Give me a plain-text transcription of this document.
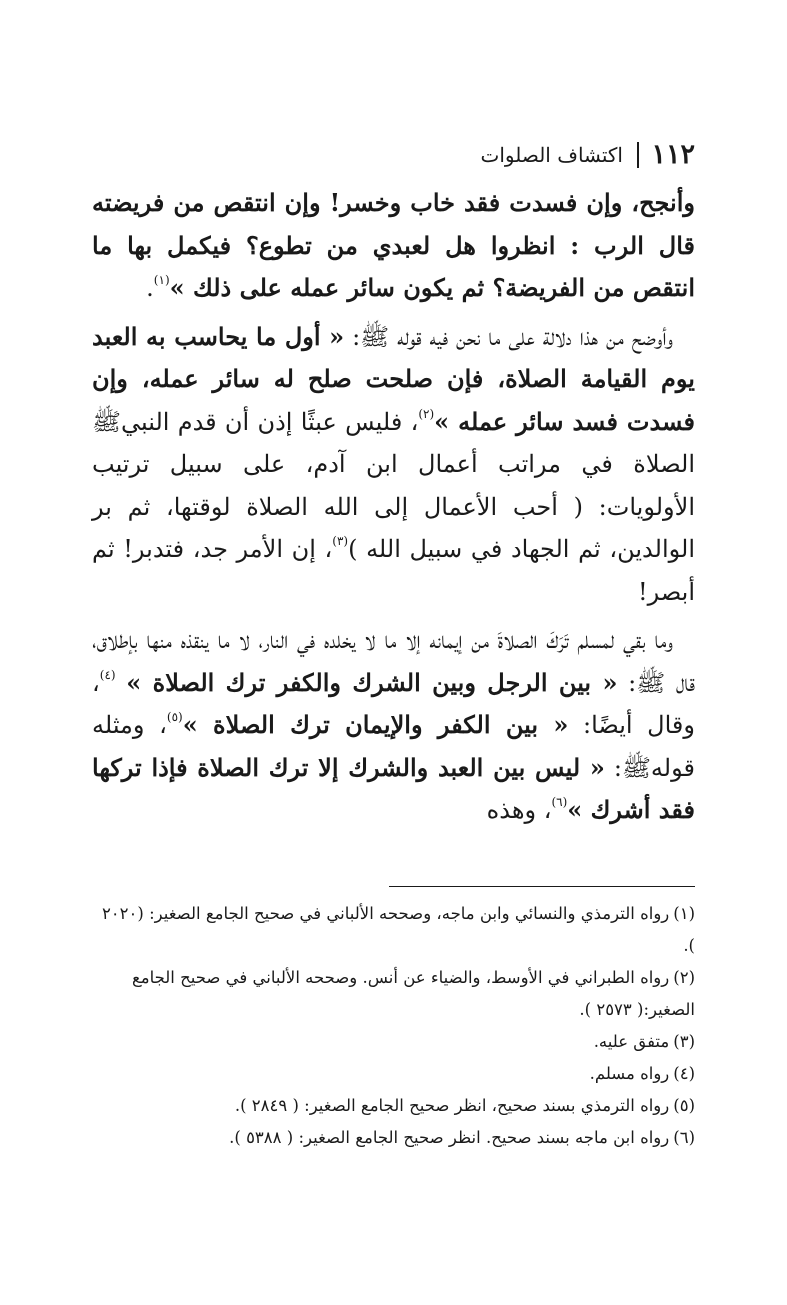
١١٢
اكتشاف الصلوات

وأنجح، وإن فسدت فقد خاب وخسر! وإن انتقص من فريضته قال الرب : انظروا هل لعبدي من تطوع؟ فيكمل بها ما انتقص من الفريضة؟ ثم يكون سائر عمله على ذلك »$^{(١)}$.

وأوضح من هذا دلالة على ما نحن فيه قوله ﷺ: « أول ما يحاسب به العبد يوم القيامة الصلاة، فإن صلحت صلح له سائر عمله، وإن فسدت فسد سائر عمله »$^{(٢)}$، فليس عبثًا إذن أن قدم النبيﷺ الصلاة في مراتب أعمال ابن آدم، على سبيل ترتيب الأولويات: ( أحب الأعمال إلى الله الصلاة لوقتها، ثم بر الوالدين، ثم الجهاد في سبيل الله )$^{(٣)}$، إن الأمر جد، فتدبر! ثم أبصر!

وما بقي لمسلم تَرَكَ الصلاةَ من إيمانه إلا ما لا يخلده في النار، لا ما ينقذه منها بإطلاق، قال ﷺ: « بين الرجل وبين الشرك والكفر ترك الصلاة » $^{(٤)}$، وقال أيضًا: « بين الكفر والإيمان ترك الصلاة »$^{(٥)}$، ومثله قولهﷺ: « ليس بين العبد والشرك إلا ترك الصلاة فإذا تركها فقد أشرك »$^{(٦)}$، وهذه

(١)رواه الترمذي والنسائي وابن ماجه، وصححه الألباني في صحيح الجامع الصغير: (٢٠٢٠ ).

(٢)رواه الطبراني في الأوسط، والضياء عن أنس. وصححه الألباني في صحيح الجامع الصغير:( ٢٥٧٣ ).

(٣)متفق عليه.

(٤)رواه مسلم.

(٥)رواه الترمذي بسند صحيح، انظر صحيح الجامع الصغير: ( ٢٨٤٩ ).

(٦)رواه ابن ماجه بسند صحيح. انظر صحيح الجامع الصغير: ( ٥٣٨٨ ).
